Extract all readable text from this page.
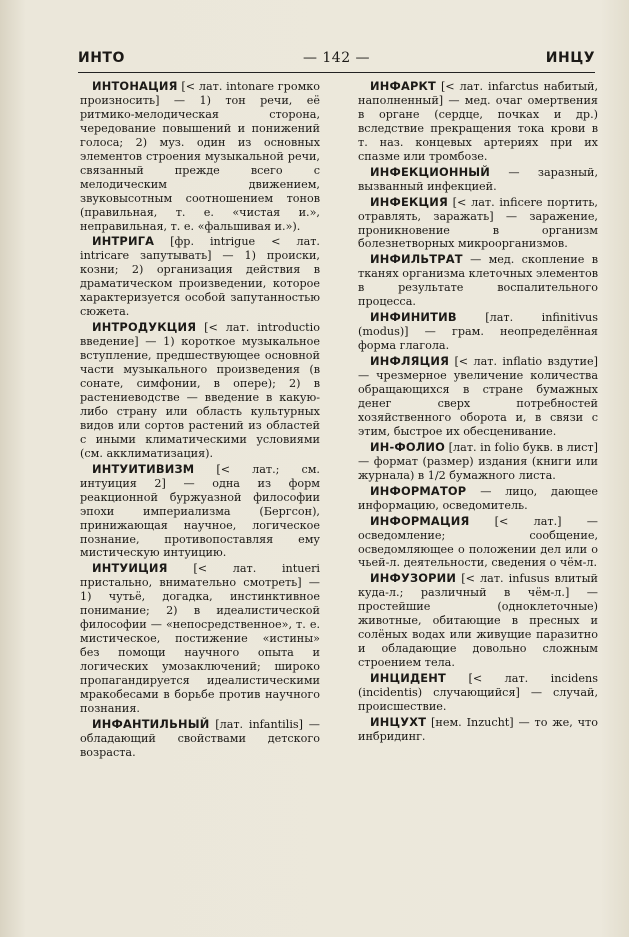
ИНТО	— 142 —	ИНЦУ

ИНТОНАЦИЯ [< лат. intonare громко произносить] — 1) тон речи, её ритмико-мелодическая сторона, чередование повышений и понижений голоса; 2) муз. один из основных элементов строения музыкальной речи, связанный прежде всего с мелодическим движением, звуковысотным соотношением тонов (правильная, т. е. «чистая и.», неправильная, т. е. «фальшивая и.»).

ИНТРИГА [фр. intrigue < лат. intricare запутывать] — 1) происки, козни; 2) организация действия в драматическом произведении, которое характеризуется особой запутанностью сюжета.

ИНТРОДУКЦИЯ [< лат. introductio введение] — 1) короткое музыкальное вступление, предшествующее основной части музыкального произведения (в сонате, симфонии, в опере); 2) в растениеводстве — введение в какую-либо страну или область культурных видов или сортов растений из областей с иными климатическими условиями (см. акклиматизация).

ИНТУИТИВИЗМ [< лат.; см. интуиция 2] — одна из форм реакционной буржуазной философии эпохи империализма (Бергсон), принижающая научное, логическое познание, противопоставляя ему мистическую интуицию.

ИНТУИЦИЯ [< лат. intueri пристально, внимательно смотреть] — 1) чутьё, догадка, инстинктивное понимание; 2) в идеалистической философии — «непосредственное», т. е. мистическое, постижение «истины» без помощи научного опыта и логических умозаключений; широко пропагандируется идеалистическими мракобесами в борьбе против научного познания.

ИНФАНТИЛЬНЫЙ [лат. infantilis] — обладающий свойствами детского возраста.

ИНФАРКТ [< лат. infarctus набитый, наполненный] — мед. очаг омертвения в органе (сердце, почках и др.) вследствие прекращения тока крови в т. наз. концевых артериях при их спазме или тромбозе.

ИНФЕКЦИОННЫЙ — заразный, вызванный инфекцией.

ИНФЕКЦИЯ [< лат. inficere портить, отравлять, заражать] — заражение, проникновение в организм болезнетворных микроорганизмов.

ИНФИЛЬТРАТ — мед. скопление в тканях организма клеточных элементов в результате воспалительного процесса.

ИНФИНИТИВ	[лат. infinitivus (modus)] — грам. неопределённая форма глагола.

ИНФЛЯЦИЯ [< лат. inflatio вздутие] — чрезмерное увеличение количества обращающихся в стране бумажных денег сверх потребностей хозяйственного оборота и, в связи с этим, быстрое их обесценивание.

ИН-ФОЛИО [лат. in folio букв. в лист] — формат (размер) издания (книги или журнала) в 1/2 бумажного листа.

ИНФОРМАТОР — лицо, дающее информацию, осведомитель.

ИНФОРМАЦИЯ [< лат.] — осведомление; сообщение, осведомляющее о положении дел или о чьей-л. деятельности, сведения о чём-л.

ИНФУЗОРИИ [< лат. infusus влитый куда-л.; различный в чём-л.] — простейшие (одноклеточные) животные, обитающие в пресных и солёных водах или живущие паразитно и обладающие довольно сложным строением тела.

ИНЦИДЕНТ [< лат. incidens (incidentis) случающийся] — случай, происшествие.

ИНЦУХТ [нем. Inzucht] — то же, что инбридинг.
